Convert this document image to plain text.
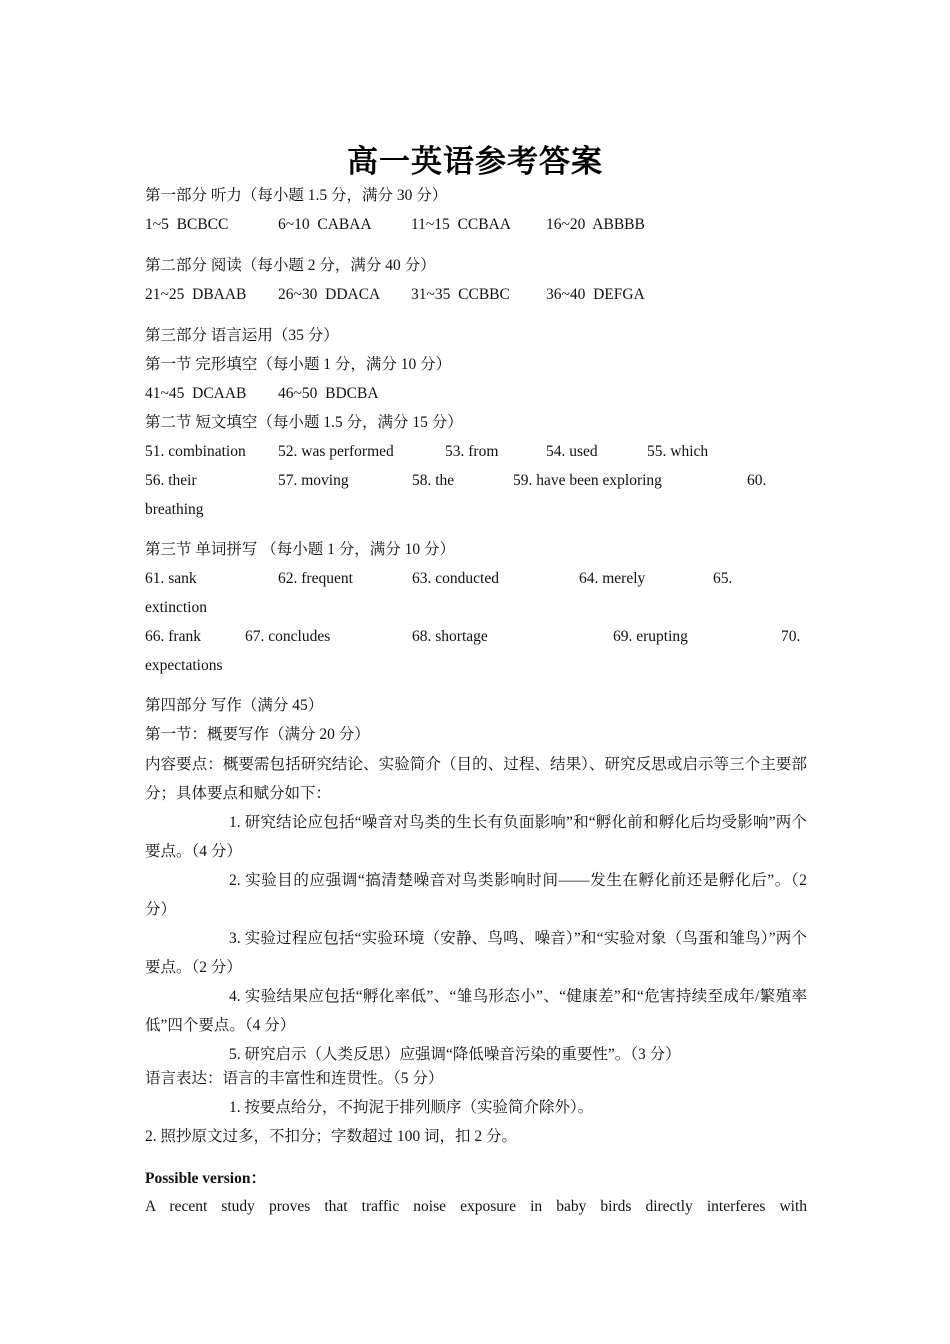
高一英语参考答案
第一部分 听力（每小题 1.5 分，满分 30 分）
1~5 BCBCC	6~10 CABAA	11~15 CCBAA 16~20 ABBBB
第二部分 阅读（每小题 2 分，满分 40 分）
21~25 DBAAB 26~30 DDACA 31~35 CCBBC 36~40 DEFGA
第三部分 语言运用（35 分）
第一节 完形填空（每小题 1 分，满分 10 分）
41~45 DCAAB 46~50 BDCBA
第二节 短文填空（每小题 1.5 分，满分 15 分）
51. combination 52. was performed	53. from	54. used	55. which
56. their	57. moving	58. the	59. have been exploring	60.
breathing
第三节 单词拼写 （每小题 1 分，满分 10 分）
61. sank	62. frequent	63. conducted	64. merely	65.
extinction
66. frank	67. concludes	68. shortage	69. erupting	70.
expectations
第四部分 写作（满分 45）
第一节：概要写作（满分 20 分）
内容要点：概要需包括研究结论、实验简介（目的、过程、结果）、研究反思或启示等三个主要部分；具体要点和赋分如下：
1. 研究结论应包括“噪音对鸟类的生长有负面影响”和“孵化前和孵化后均受影响”两个要点。（4 分）
2. 实验目的应强调“搞清楚噪音对鸟类影响时间——发生在孵化前还是孵化后”。（2 分）
3. 实验过程应包括“实验环境（安静、鸟鸣、噪音）”和“实验对象（鸟蛋和雏鸟）”两个要点。（2 分）
4. 实验结果应包括“孵化率低”、“雏鸟形态小”、“健康差”和“危害持续至成年/繁殖率低”四个要点。（4 分）
5. 研究启示（人类反思）应强调“降低噪音污染的重要性”。（3 分）
语言表达：语言的丰富性和连贯性。（5 分）
1. 按要点给分，不拘泥于排列顺序（实验简介除外）。
2. 照抄原文过多，不扣分；字数超过 100 词，扣 2 分。
Possible version：
A recent study proves that traffic noise exposure in baby birds directly interferes with
